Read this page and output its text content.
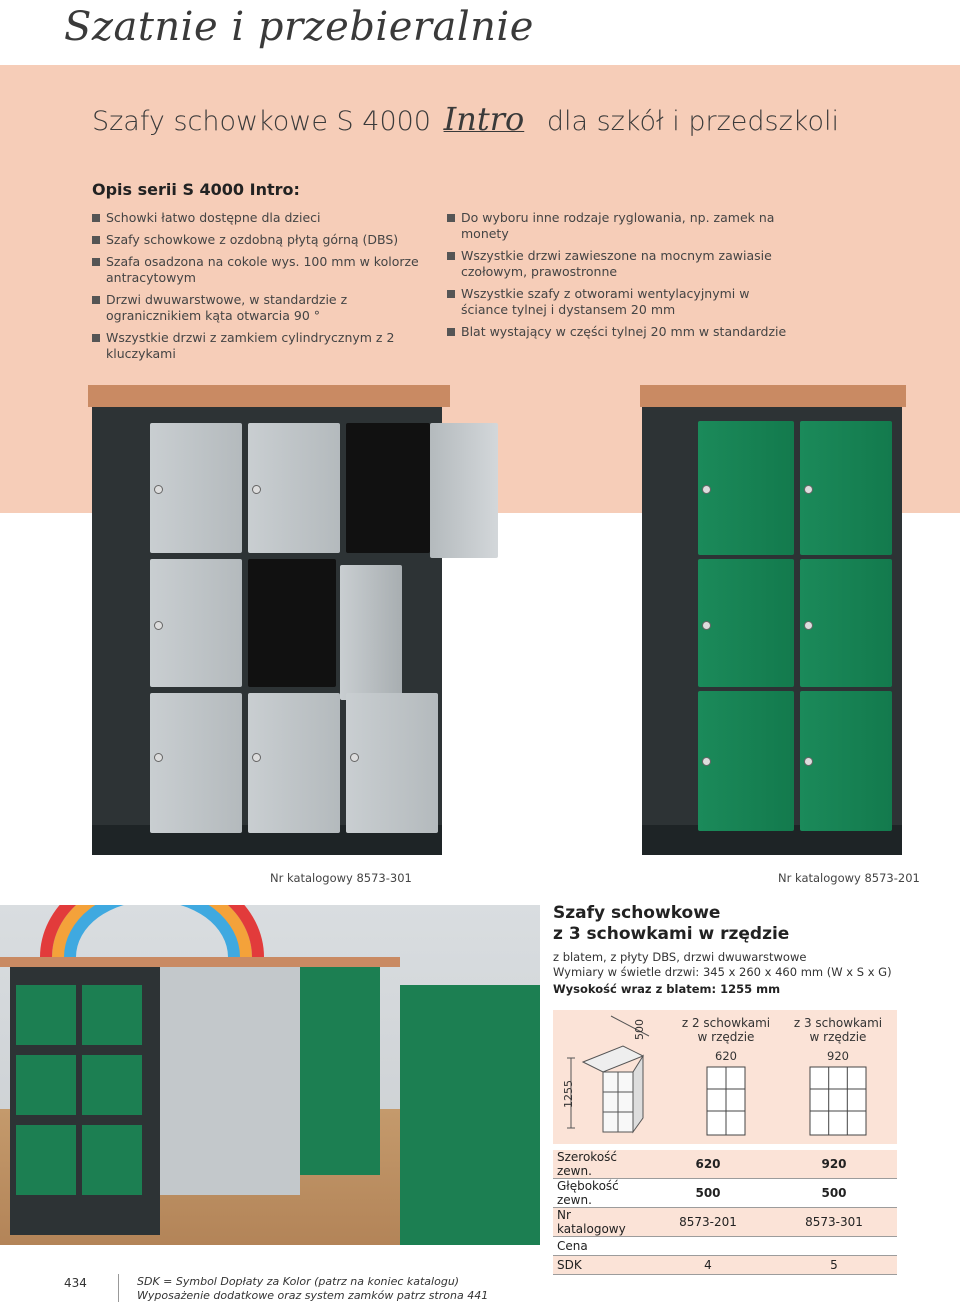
Szatnie i przebieralnie
Szafy schowkowe S 4000 Intro dla szkół i przedszkoli
Opis serii S 4000 Intro:
Schowki łatwo dostępne dla dzieci
Szafy schowkowe z ozdobną płytą górną (DBS)
Szafa osadzona na cokole wys. 100 mm w kolorze antracytowym
Drzwi dwuwarstwowe, w standardzie z ogranicznikiem kąta otwarcia 90 °
Wszystkie drzwi z zamkiem cylindrycznym z 2 kluczykami
Do wyboru inne rodzaje ryglowania, np. zamek na monety
Wszystkie drzwi zawieszone na mocnym zawiasie czołowym, prawostronne
Wszystkie szafy z otworami wentylacyjnymi w ściance tylnej i dystansem 20 mm
Blat wystający w części tylnej 20 mm w standardzie
Nr katalogowy 8573-301	Nr katalogowy 8573-201
Szafy schowkowe
z 3 schowkami w rzędzie
z blatem, z płyty DBS, drzwi dwuwarstwowe
Wymiary w świetle drzwi: 345 x 260 x 460 mm (W x S x G)
Wysokość wraz z blatem: 1255 mm
500
1255
z 2 schowkami
w rzędzie
620
z 3 schowkami
w rzędzie
920
Szerokość zewn.	620	920
Głębokość zewn.	500	500
Nr katalogowy	8573-201	8573-301
Cena		
SDK	4	5
434	SDK = Symbol Dopłaty za Kolor (patrz na koniec katalogu)
Wyposażenie dodatkowe oraz system zamków patrz strona 441
